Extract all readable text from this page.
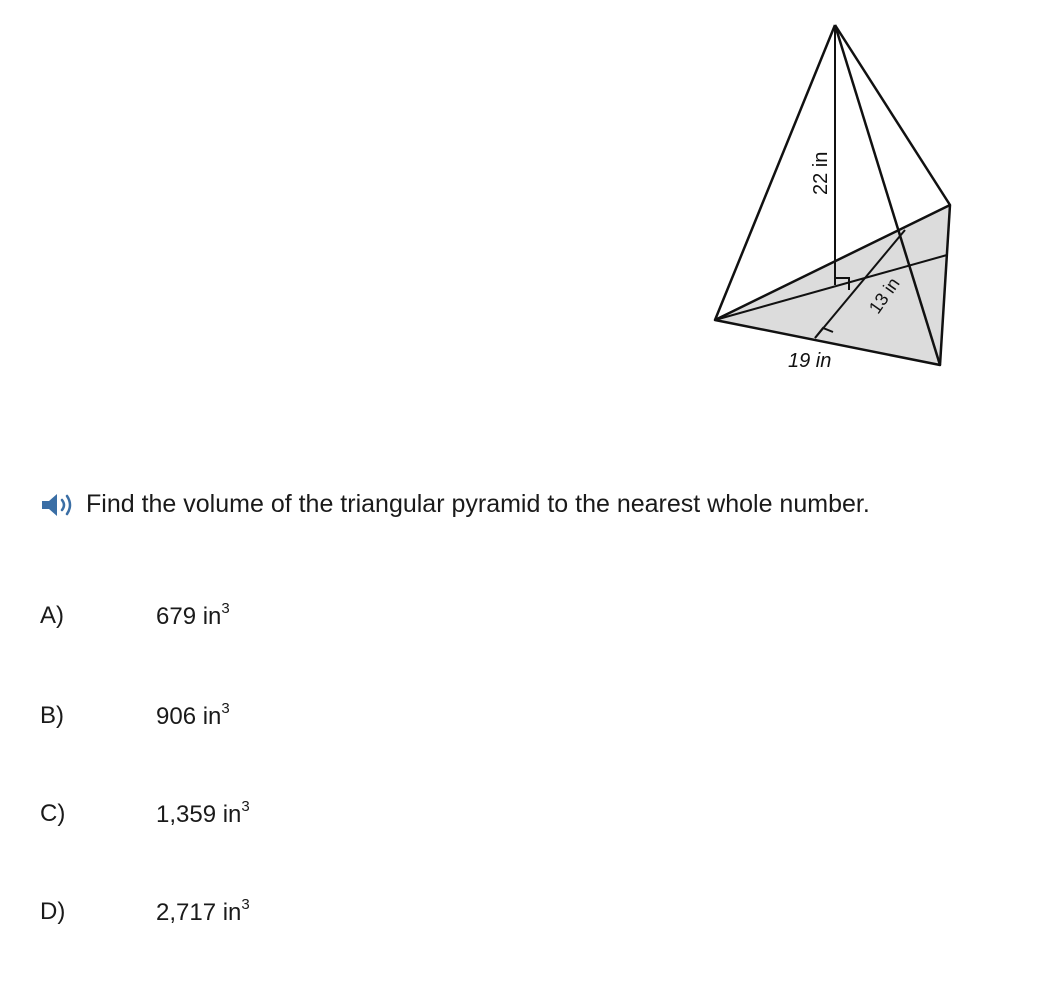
22 in
13 in
19 in
Find the volume of the triangular pyramid to the nearest whole number.
A)	679 $in^3$
B)	906 $in^3$
C)	1,359 $in^3$
D)	2,717 $in^3$
